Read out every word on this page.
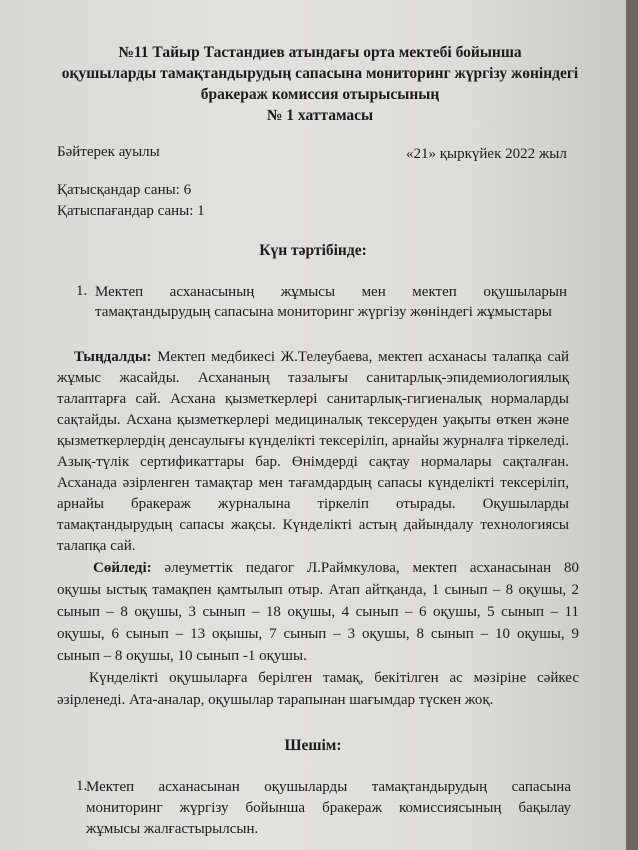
№11 Тайыр Тастандиев атындағы орта мектебі бойынша
оқушыларды тамақтандырудың сапасына мониторинг жүргізу жөніндегі
бракераж комиссия отырысының
№ 1 хаттамасы
Бәйтерек ауылы	«21» қыркүйек 2022 жыл
Қатысқандар саны: 6
Қатыспағандар саны: 1
Күн тәртібінде:
1. Мектеп асханасының жұмысы мен мектеп оқушыларын
тамақтандырудың сапасына мониторинг жүргізу жөніндегі жұмыстары
Тыңдалды: Мектеп медбикесі Ж.Телеубаева, мектеп асханасы талапқа сай
жұмыс жасайды. Асхананың тазалығы санитарлық-эпидемиологиялық
талаптарға сай. Асхана қызметкерлері санитарлық-гигиеналық нормаларды
сақтайды. Асхана қызметкерлері медициналық тексеруден уақыты өткен және
қызметкерлердің денсаулығы күнделікті тексеріліп, арнайы журналға тіркеледі.
Азық-түлік сертификаттары бар. Өнімдерді сақтау нормалары сақталған.
Асханада әзірленген тамақтар мен тағамдардың сапасы күнделікті тексеріліп,
арнайы бракераж журналына тіркеліп отырады. Оқушыларды
тамақтандырудың сапасы жақсы. Күнделікті астың дайындалу технологиясы
талапқа сай.
Сөйледі: әлеуметтік педагог Л.Раймкулова, мектеп асханасынан 80
оқушы ыстық тамақпен қамтылып отыр. Атап айтқанда, 1 сынып – 8 оқушы, 2
сынып – 8 оқушы, 3 сынып – 18 оқушы, 4 сынып – 6 оқушы, 5 сынып – 11
оқушы, 6 сынып – 13 оқышы, 7 сынып – 3 оқушы, 8 сынып – 10 оқушы, 9
сынып – 8 оқушы, 10 сынып -1 оқушы.
Күнделікті оқушыларға берілген тамақ, бекітілген ас мәзіріне сәйкес
әзірленеді. Ата-аналар, оқушылар тарапынан шағымдар түскен жоқ.
Шешім:
1.
Мектеп асханасынан оқушыларды тамақтандырудың сапасына
мониторинг жүргізу бойынша бракераж комиссиясының бақылау
жұмысы жалғастырылсын.
